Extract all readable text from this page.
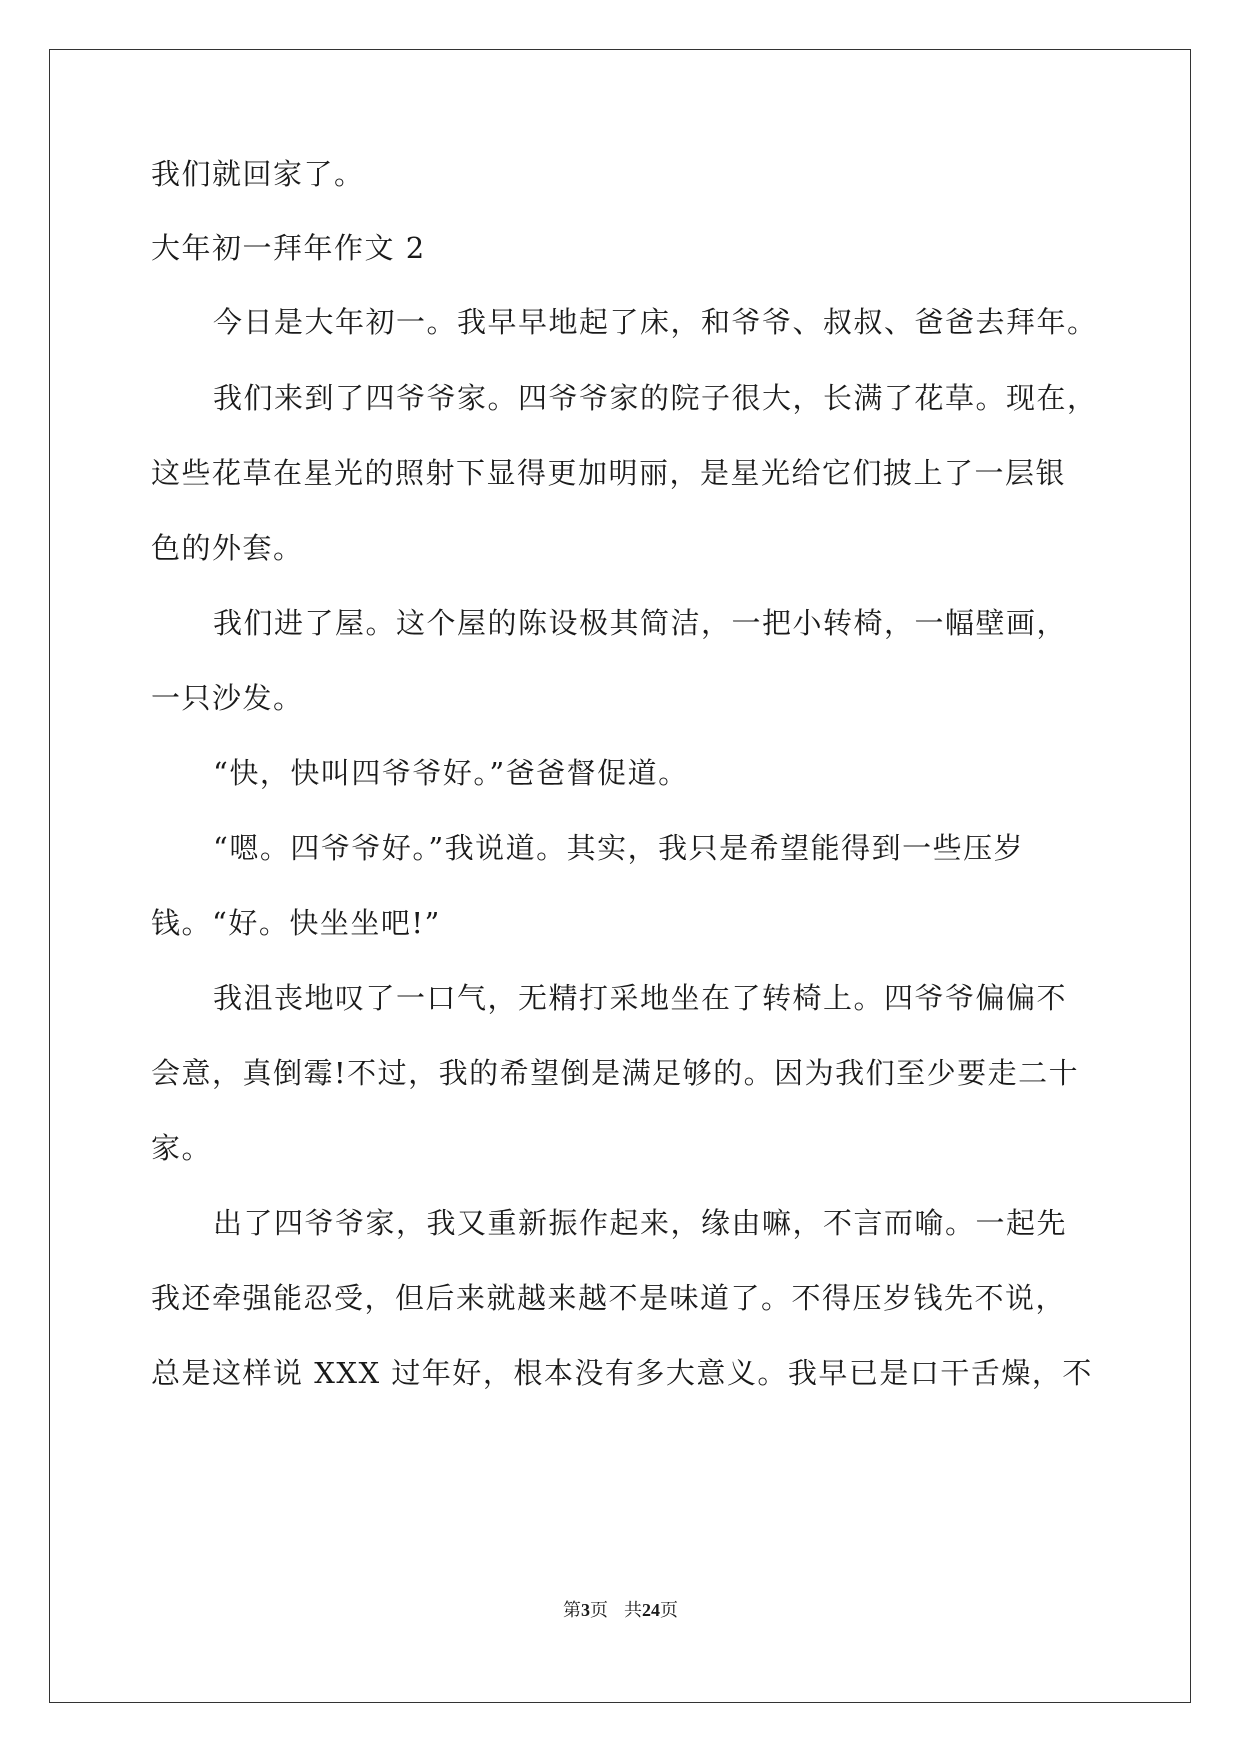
我们就回家了。
大年初一拜年作文 2
今日是大年初一。我早早地起了床，和爷爷、叔叔、爸爸去拜年。
我们来到了四爷爷家。四爷爷家的院子很大，长满了花草。现在，
这些花草在星光的照射下显得更加明丽，是星光给它们披上了一层银
色的外套。
我们进了屋。这个屋的陈设极其简洁，一把小转椅，一幅壁画，
一只沙发。
“快，快叫四爷爷好。”爸爸督促道。
“嗯。四爷爷好。”我说道。其实，我只是希望能得到一些压岁
钱。“好。快坐坐吧!”
我沮丧地叹了一口气，无精打采地坐在了转椅上。四爷爷偏偏不
会意，真倒霉!不过，我的希望倒是满足够的。因为我们至少要走二十
家。
出了四爷爷家，我又重新振作起来，缘由嘛，不言而喻。一起先
我还牵强能忍受，但后来就越来越不是味道了。不得压岁钱先不说，
总是这样说 XXX 过年好，根本没有多大意义。我早已是口干舌燥，不
第3页 共24页
